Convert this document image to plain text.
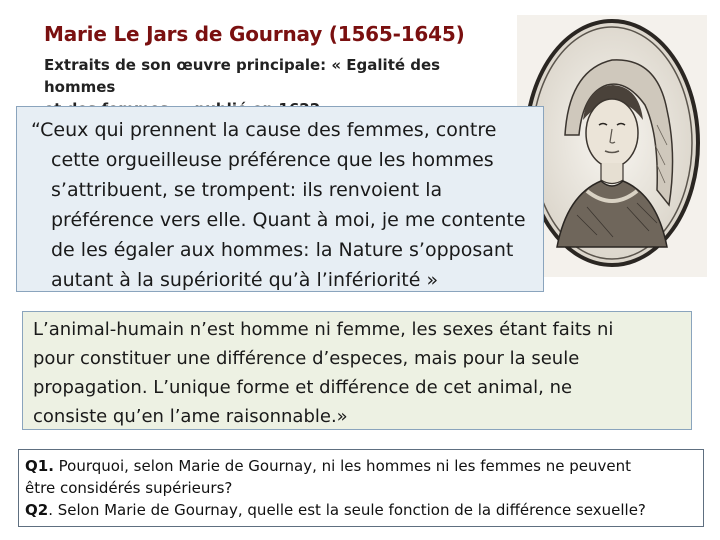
Marie Le Jars de Gournay (1565-1645)
Extraits de son œuvre principale: « Egalité des hommes
“Ceux qui prennent la cause des femmes, contre
cette orgueilleuse préférence que les hommes
s’attribuent, se trompent: ils renvoient la
préférence vers elle. Quant à moi, je me contente
de les égaler aux hommes: la Nature s’opposant
autant à la supériorité qu’à l’infériorité »
L’animal-humain n’est homme ni femme, les sexes étant faits ni
pour constituer une différence d’especes, mais pour la seule
propagation. L’unique forme et différence de cet animal, ne
consiste qu’en l’ame raisonnable.»
Q1. Pourquoi, selon Marie de Gournay, ni les hommes ni les femmes ne peuvent
être considérés supérieurs?
Q2. Selon Marie de Gournay, quelle est la seule fonction de la différence sexuelle?
